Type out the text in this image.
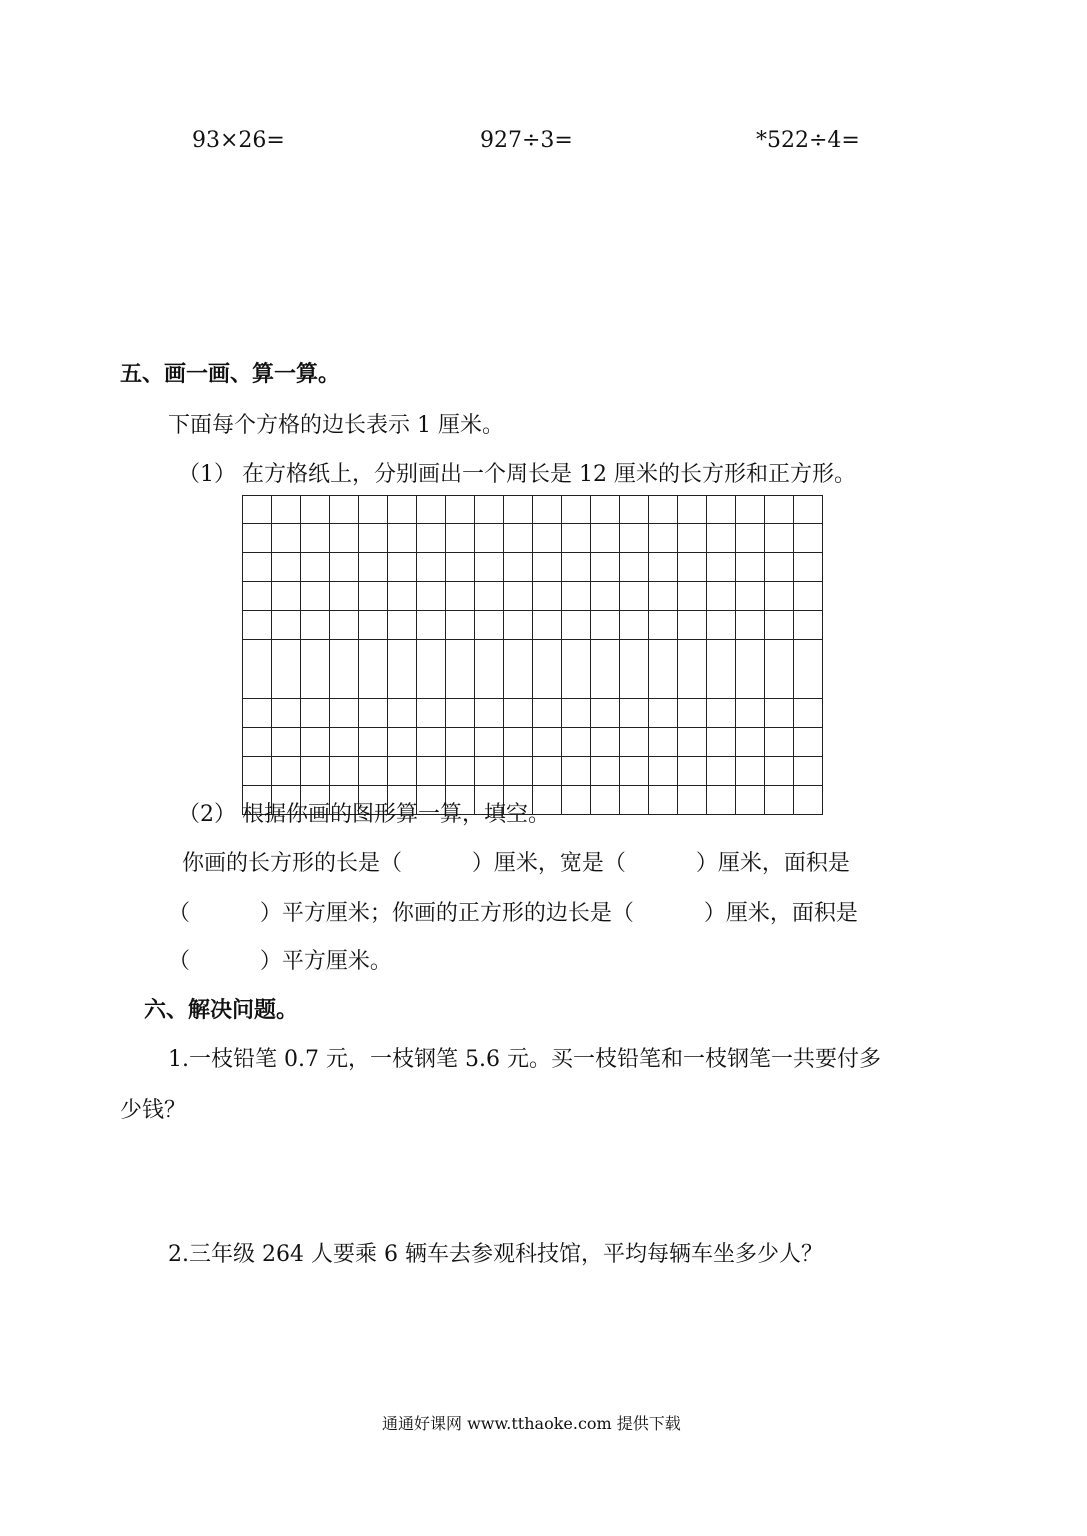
93×26=	927÷3=	*522÷4=
五、画一画、算一算。
下面每个方格的边长表示 1 厘米。
（1） 在方格纸上，分别画出一个周长是 12 厘米的长方形和正方形。

（2） 根据你画的图形算一算，填空。
你画的长方形的长是（          ）厘米，宽是（          ）厘米，面积是
（          ）平方厘米；你画的正方形的边长是（          ）厘米，面积是
（          ）平方厘米。
六、解决问题。
1.一枝铅笔 0.7 元，一枝钢笔 5.6 元。买一枝铅笔和一枝钢笔一共要付多
少钱？
2.三年级 264 人要乘 6 辆车去参观科技馆，平均每辆车坐多少人？
通通好课网 www.tthaoke.com 提供下载
